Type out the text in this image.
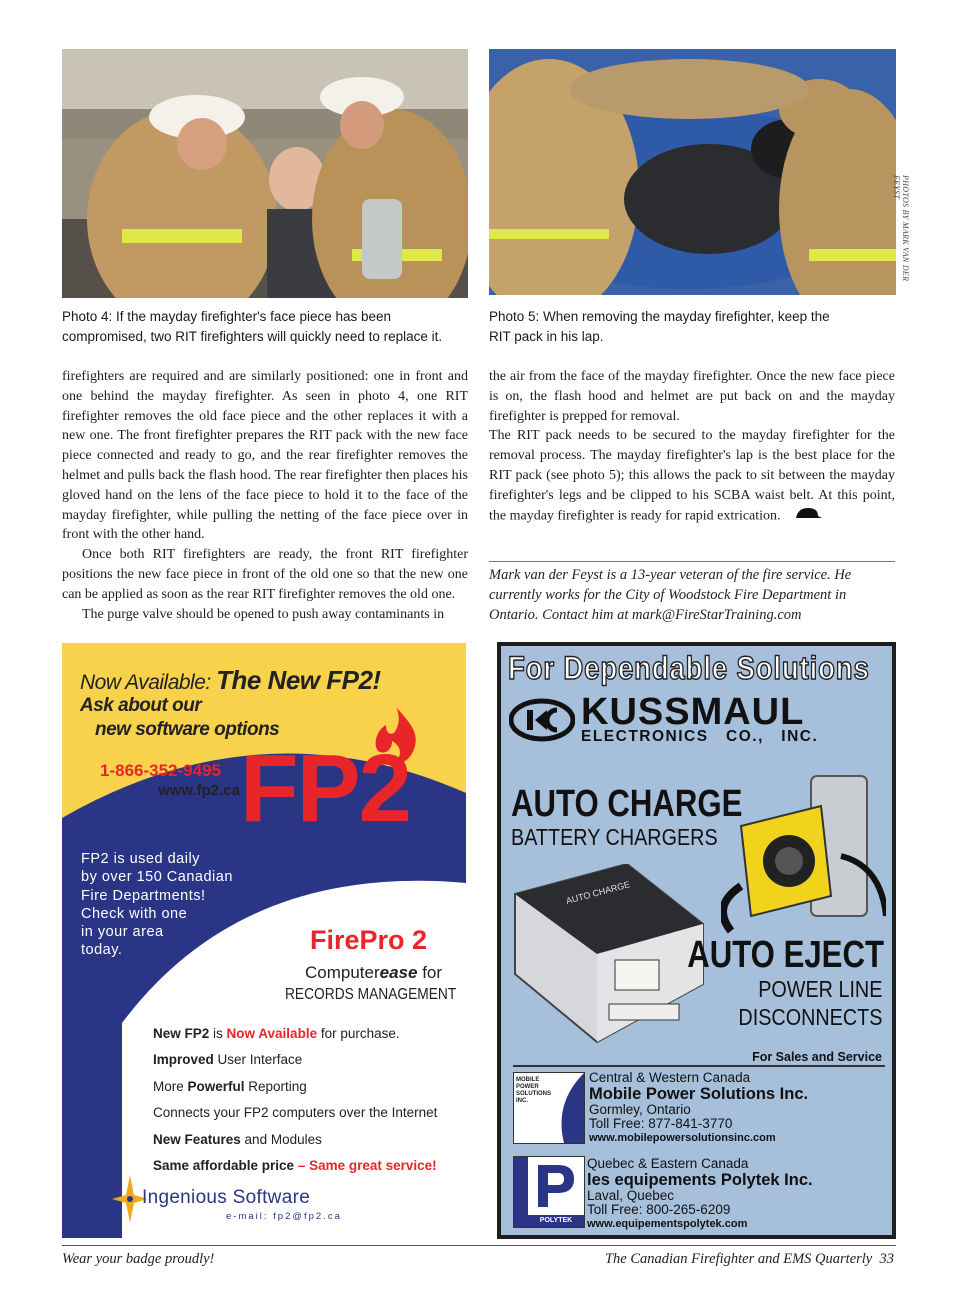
PHOTOS BY MARK VAN DER FEYST
Photo 4: If the mayday firefighter's face piece has been compromised, two RIT firefighters will quickly need to replace it.
Photo 5: When removing the mayday firefighter, keep the RIT pack in his lap.

firefighters are required and are similarly positioned: one in front and one behind the mayday firefighter. As seen in photo 4, one RIT firefighter removes the old face piece and the other replaces it with a new one. The front firefighter prepares the RIT pack with the new face piece connected and ready to go, and the rear firefighter removes the helmet and pulls back the flash hood. The rear firefighter then places his gloved hand on the lens of the face piece to hold it to the face of the mayday firefighter, while pulling the netting of the face piece over in front with the other hand.

Once both RIT firefighters are ready, the front RIT firefighter positions the new face piece in front of the old one so that the new one can be applied as soon as the rear RIT firefighter removes the old one.

The purge valve should be opened to push away contaminants in

the air from the face of the mayday firefighter. Once the new face piece is on, the flash hood and helmet are put back on and the mayday firefighter is prepped for removal.

The RIT pack needs to be secured to the mayday firefighter for the removal process. The mayday firefighter's lap is the best place for the RIT pack (see photo 5); this allows the pack to sit between the mayday firefighter's legs and be clipped to his SCBA waist belt. At this point, the mayday firefighter is ready for rapid extrication.

Mark van der Feyst is a 13-year veteran of the fire service. He currently works for the City of Woodstock Fire Department in Ontario. Contact him at mark@FireStarTraining.com
Now Available: The New FP2!
Ask about our
new software options
1-866-352-9495
www.fp2.ca FP2
FP2 is used daily
by over 150 Canadian
Fire Departments!
Check with one
in your area
today.	FirePro 2
Computerease for
RECORDS MANAGEMENT
New FP2 is Now Available for purchase.
Improved User Interface
More Powerful Reporting
Connects your FP2 computers over the Internet
New Features and Modules
Same affordable price – Same great service!
Ingenious Software
e-mail: fp2@fp2.ca
For Dependable Solutions
KUSSMAUL
ELECTRONICS   CO.,   INC.
AUTO CHARGE
BATTERY CHARGERS
AUTO CHARGE
AUTO EJECT
POWER LINE
DISCONNECTS
For Sales and Service
MOBILE
POWER
SOLUTIONS
INC.
Central & Western Canada
Mobile Power Solutions Inc.
Gormley, Ontario
Toll Free: 877-841-3770
www.mobilepowersolutionsinc.com
POLYTEK
Quebec & Eastern Canada
les equipements Polytek Inc.
Laval, Quebec
Toll Free: 800-265-6209
www.equipementspolytek.com
Wear your badge proudly!	The Canadian Firefighter and EMS Quarterly  33
